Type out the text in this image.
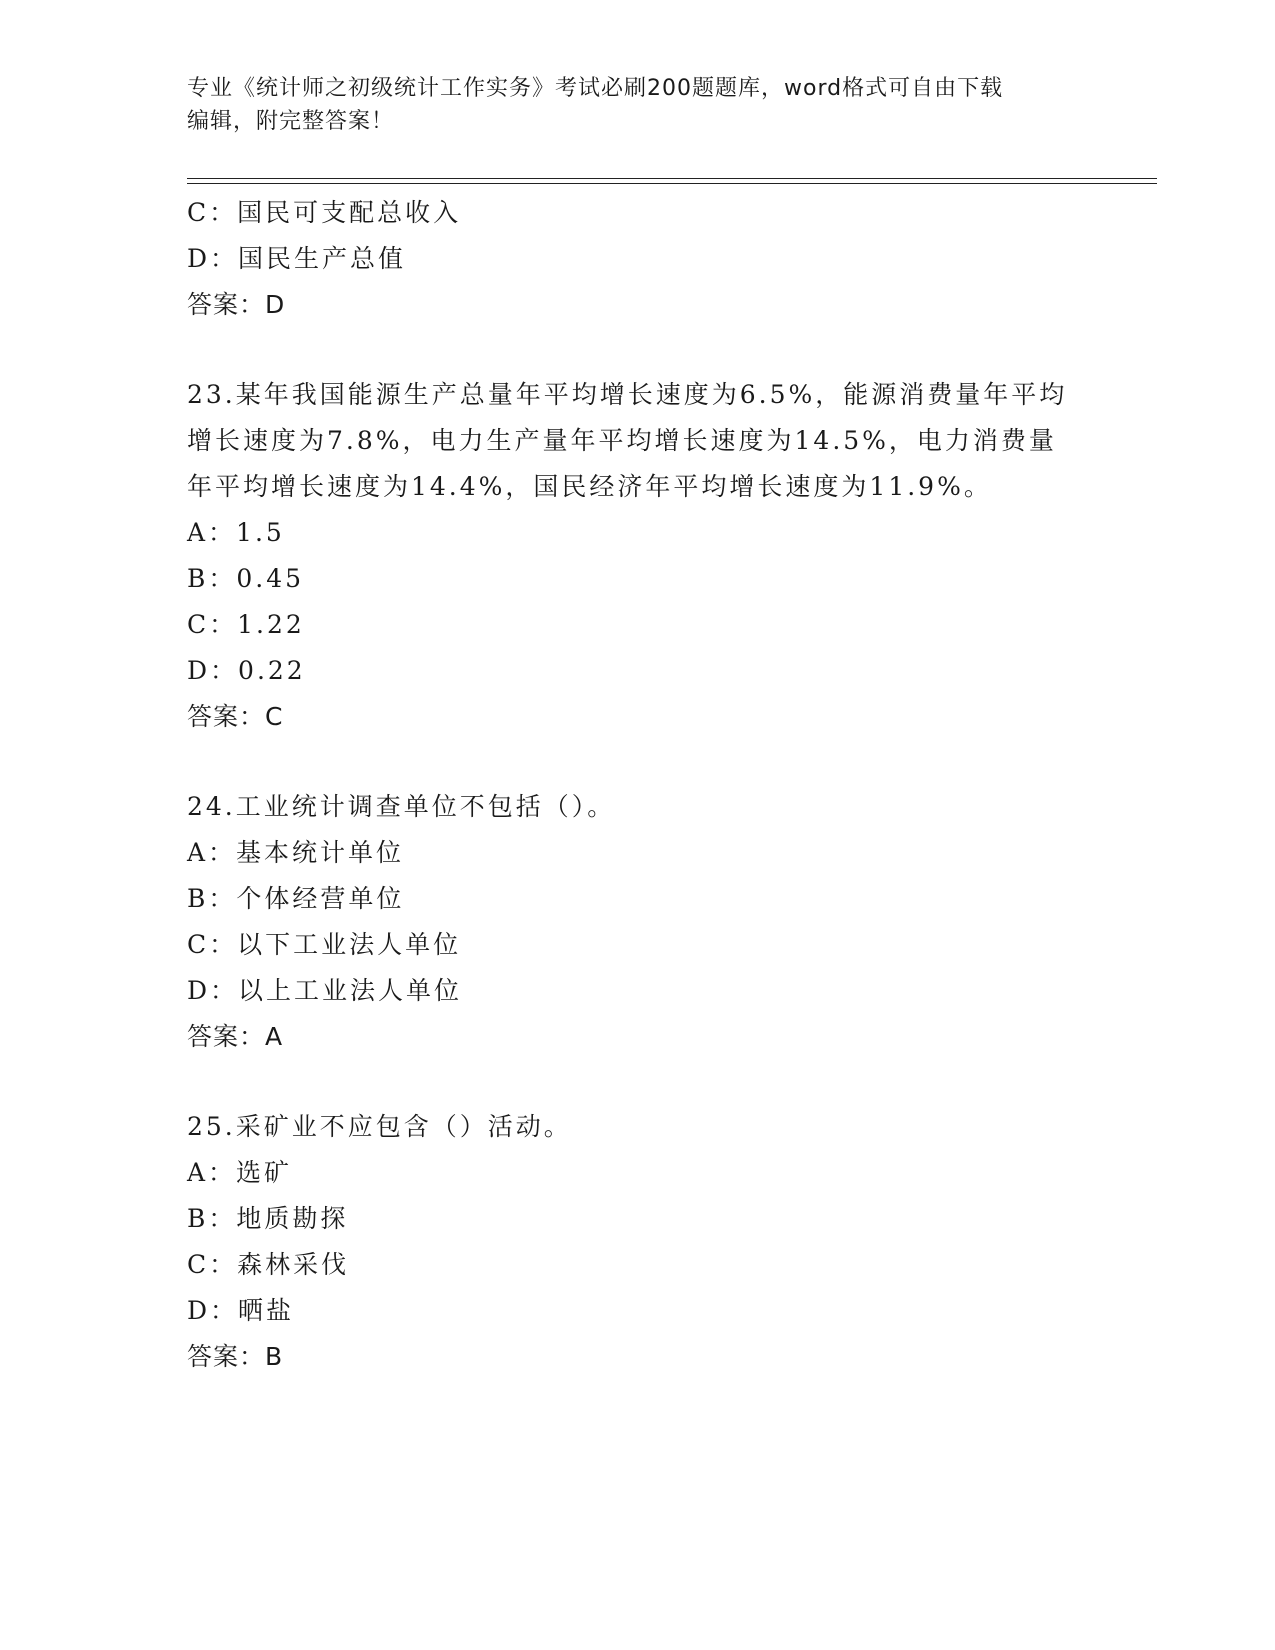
专业《统计师之初级统计工作实务》考试必刷200题题库，word格式可自由下载
编辑，附完整答案！
C：国民可支配总收入
D：国民生产总值
答案：D
23.某年我国能源生产总量年平均增长速度为6.5%，能源消费量年平均
增长速度为7.8%，电力生产量年平均增长速度为14.5%，电力消费量
年平均增长速度为14.4%，国民经济年平均增长速度为11.9%。
A：1.5
B：0.45
C：1.22
D：0.22
答案：C
24.工业统计调查单位不包括（）。
A：基本统计单位
B：个体经营单位
C：以下工业法人单位
D：以上工业法人单位
答案：A
25.采矿业不应包含（）活动。
A：选矿
B：地质勘探
C：森林采伐
D：晒盐
答案：B
